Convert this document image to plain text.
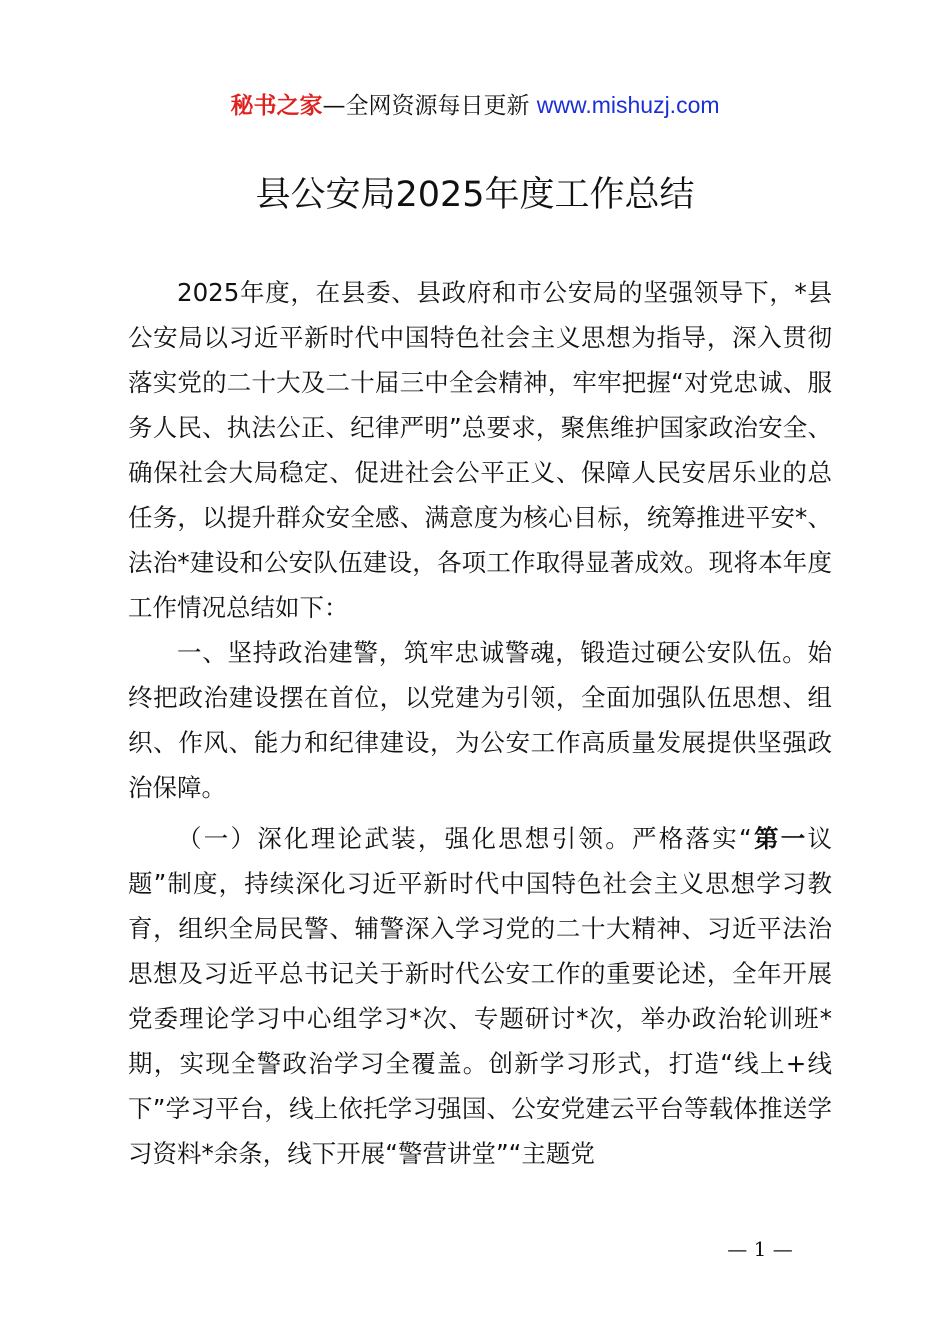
秘书之家—全网资源每日更新 www.mishuzj.com
县公安局2025年度工作总结

2025年度，在县委、县政府和市公安局的坚强领导下，*县公安局以习近平新时代中国特色社会主义思想为指导，深入贯彻落实党的二十大及二十届三中全会精神，牢牢把握“对党忠诚、服务人民、执法公正、纪律严明”总要求，聚焦维护国家政治安全、确保社会大局稳定、促进社会公平正义、保障人民安居乐业的总任务，以提升群众安全感、满意度为核心目标，统筹推进平安*、法治*建设和公安队伍建设，各项工作取得显著成效。现将本年度工作情况总结如下：

一、坚持政治建警，筑牢忠诚警魂，锻造过硬公安队伍。始终把政治建设摆在首位，以党建为引领，全面加强队伍思想、组织、作风、能力和纪律建设，为公安工作高质量发展提供坚强政治保障。

（一）深化理论武装，强化思想引领。严格落实“第一议题”制度，持续深化习近平新时代中国特色社会主义思想学习教育，组织全局民警、辅警深入学习党的二十大精神、习近平法治思想及习近平总书记关于新时代公安工作的重要论述，全年开展党委理论学习中心组学习*次、专题研讨*次，举办政治轮训班*期，实现全警政治学习全覆盖。创新学习形式，打造“线上+线下”学习平台，线上依托学习强国、公安党建云平台等载体推送学习资料*余条，线下开展“警营讲堂”“主题党

— 1 —
